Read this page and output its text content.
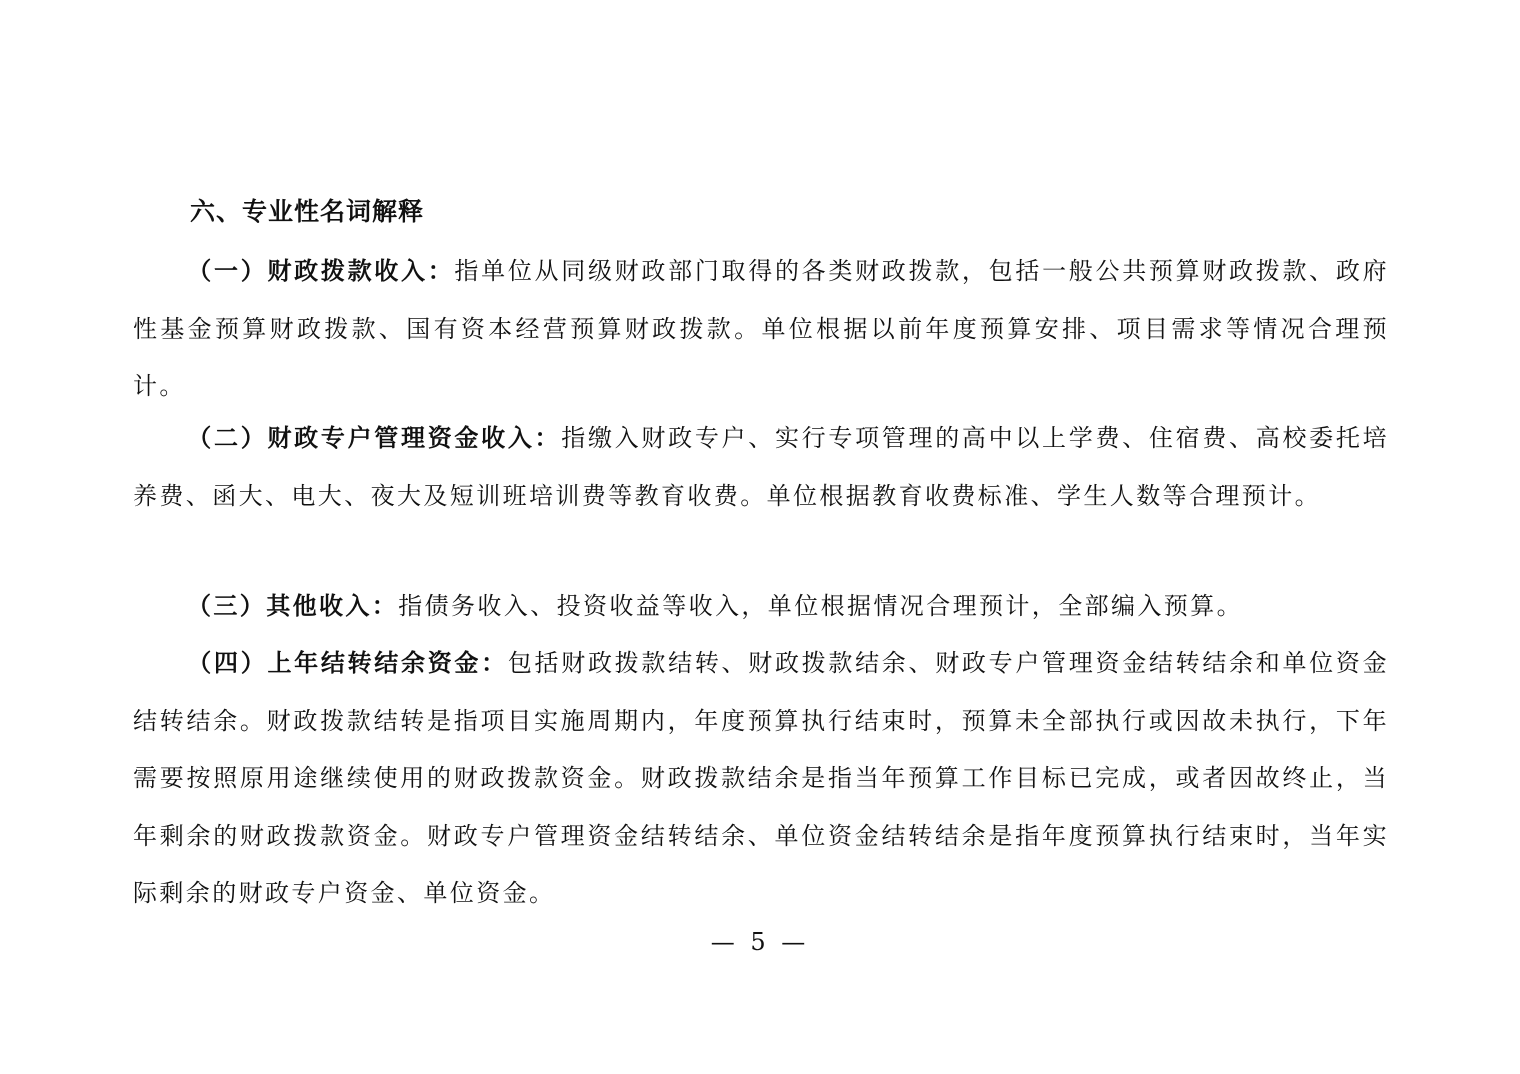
六、专业性名词解释

（一）财政拨款收入：指单位从同级财政部门取得的各类财政拨款，包括一般公共预算财政拨款、政府性基金预算财政拨款、国有资本经营预算财政拨款。单位根据以前年度预算安排、项目需求等情况合理预计。

（二）财政专户管理资金收入：指缴入财政专户、实行专项管理的高中以上学费、住宿费、高校委托培养费、函大、电大、夜大及短训班培训费等教育收费。单位根据教育收费标准、学生人数等合理预计。

（三）其他收入：指债务收入、投资收益等收入，单位根据情况合理预计，全部编入预算。

（四）上年结转结余资金：包括财政拨款结转、财政拨款结余、财政专户管理资金结转结余和单位资金结转结余。财政拨款结转是指项目实施周期内，年度预算执行结束时，预算未全部执行或因故未执行，下年需要按照原用途继续使用的财政拨款资金。财政拨款结余是指当年预算工作目标已完成，或者因故终止，当年剩余的财政拨款资金。财政专户管理资金结转结余、单位资金结转结余是指年度预算执行结束时，当年实际剩余的财政专户资金、单位资金。

— 5 —
